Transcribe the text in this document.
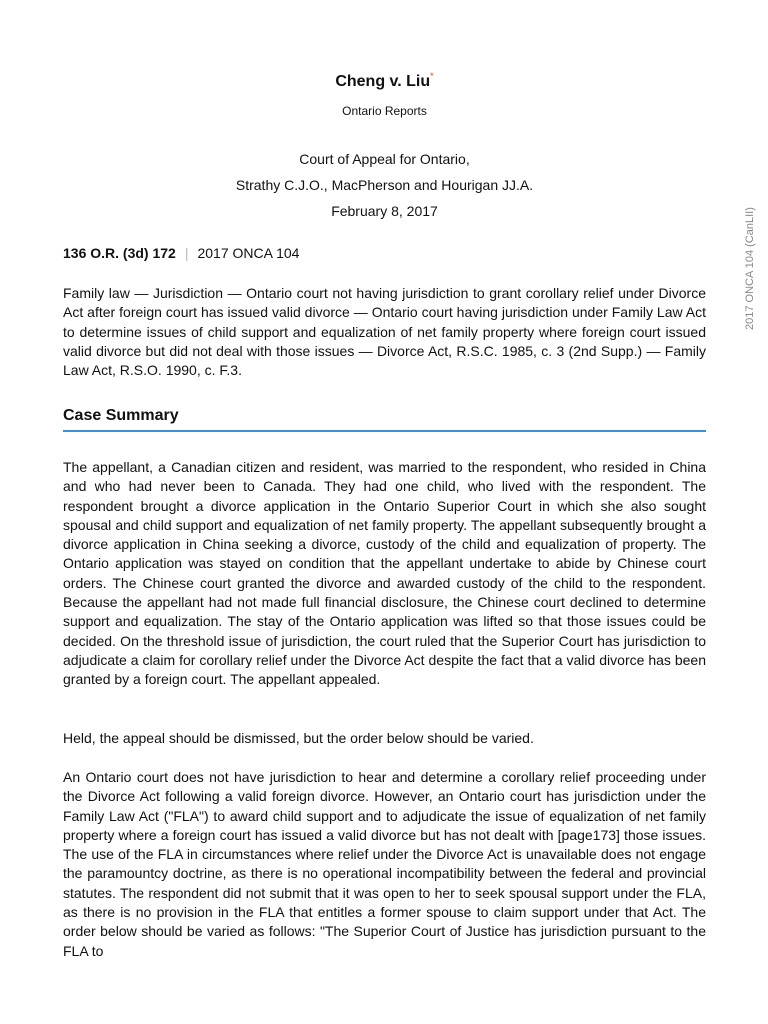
Cheng v. Liu*
Ontario Reports
Court of Appeal for Ontario,
Strathy C.J.O., MacPherson and Hourigan JJ.A.
February 8, 2017
136 O.R. (3d) 172 | 2017 ONCA 104
Family law — Jurisdiction — Ontario court not having jurisdiction to grant corollary relief under Divorce Act after foreign court has issued valid divorce — Ontario court having jurisdiction under Family Law Act to determine issues of child support and equalization of net family property where foreign court issued valid divorce but did not deal with those issues — Divorce Act, R.S.C. 1985, c. 3 (2nd Supp.) — Family Law Act, R.S.O. 1990, c. F.3.
Case Summary

The appellant, a Canadian citizen and resident, was married to the respondent, who resided in China and who had never been to Canada. They had one child, who lived with the respondent. The respondent brought a divorce application in the Ontario Superior Court in which she also sought spousal and child support and equalization of net family property. The appellant subsequently brought a divorce application in China seeking a divorce, custody of the child and equalization of property. The Ontario application was stayed on condition that the appellant undertake to abide by Chinese court orders. The Chinese court granted the divorce and awarded custody of the child to the respondent. Because the appellant had not made full financial disclosure, the Chinese court declined to determine support and equalization. The stay of the Ontario application was lifted so that those issues could be decided. On the threshold issue of jurisdiction, the court ruled that the Superior Court has jurisdiction to adjudicate a claim for corollary relief under the Divorce Act despite the fact that a valid divorce has been granted by a foreign court. The appellant appealed.

Held, the appeal should be dismissed, but the order below should be varied.

An Ontario court does not have jurisdiction to hear and determine a corollary relief proceeding under the Divorce Act following a valid foreign divorce. However, an Ontario court has jurisdiction under the Family Law Act ("FLA") to award child support and to adjudicate the issue of equalization of net family property where a foreign court has issued a valid divorce but has not dealt with [page173] those issues. The use of the FLA in circumstances where relief under the Divorce Act is unavailable does not engage the paramountcy doctrine, as there is no operational incompatibility between the federal and provincial statutes. The respondent did not submit that it was open to her to seek spousal support under the FLA, as there is no provision in the FLA that entitles a former spouse to claim support under that Act. The order below should be varied as follows: "The Superior Court of Justice has jurisdiction pursuant to the FLA to

2017 ONCA 104 (CanLII)
